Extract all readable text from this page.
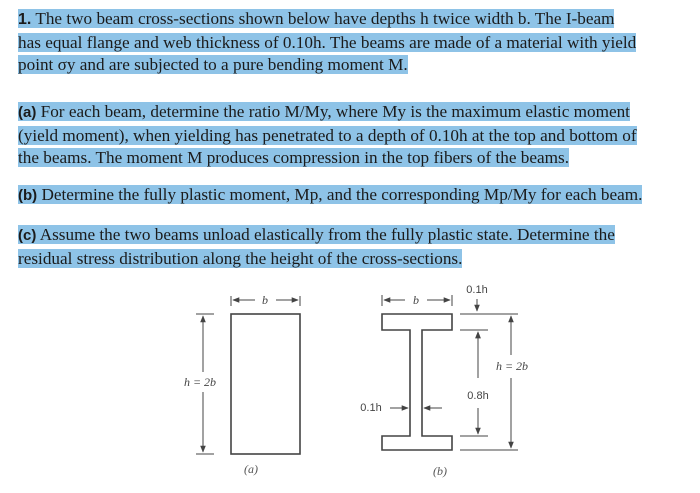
1. The two beam cross-sections shown below have depths h twice width b. The I-beam
has equal flange and web thickness of 0.10h. The beams are made of a material with yield
point σy and are subjected to a pure bending moment M.
(a) For each beam, determine the ratio M/My, where My is the maximum elastic moment
(yield moment), when yielding has penetrated to a depth of 0.10h at the top and bottom of
the beams. The moment M produces compression in the top fibers of the beams.
(b) Determine the fully plastic moment, Mp, and the corresponding Mp/My for each beam.
(c) Assume the two beams unload elastically from the fully plastic state. Determine the
residual stress distribution along the height of the cross-sections.
b
h = 2b
(a)
b
0.1h
0.8h
h = 2b
0.1h
(b)
